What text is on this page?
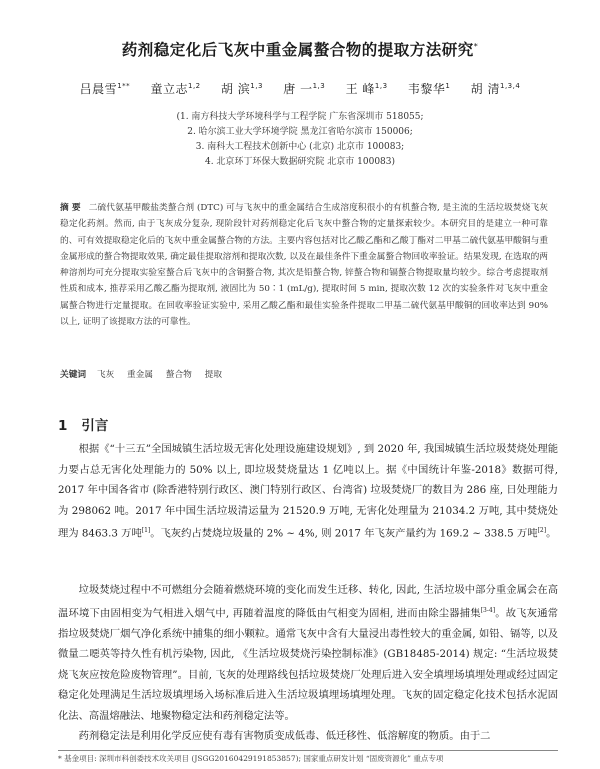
药剂稳定化后飞灰中重金属螯合物的提取方法研究*
吕晨雪$^{1**}$ 童立志$^{1,2}$ 胡 滨$^{1,3}$ 唐 一$^{1,3}$ 王 峰$^{1,3}$ 韦黎华$^1$ 胡 清$^{1,3,4}$
(1. 南方科技大学环境科学与工程学院 广东省深圳市 518055;
2. 哈尔滨工业大学环境学院 黑龙江省哈尔滨市 150006;
3. 南科大工程技术创新中心 (北京) 北京市 100083;
4. 北京环丁环保大数据研究院 北京市 100083)
摘 要 二硫代氨基甲酸盐类螯合剂 (DTC) 可与飞灰中的重金属结合生成溶度积很小的有机螯合物, 是主流的生活垃圾焚烧飞灰稳定化药剂。然而, 由于飞灰成分复杂, 现阶段针对药剂稳定化后飞灰中螯合物的定量探索较少。本研究目的是建立一种可靠的、可有效提取稳定化后的飞灰中重金属螯合物的方法。主要内容包括对比乙酸乙酯和乙酸丁酯对二甲基二硫代氨基甲酸铜与重金属形成的螯合物提取效果, 确定最佳提取溶剂和提取次数, 以及在最佳条件下重金属螯合物回收率验证。结果发现, 在选取的两种溶剂均可充分提取实验室螯合后飞灰中的含铜螯合物, 其次是铅螯合物, 锌螯合物和镉螯合物提取量均较少。综合考虑提取剂性质和成本, 推荐采用乙酸乙酯为提取剂, 液固比为 50∶1 (mL/g), 提取时间 5 min, 提取次数 12 次的实验条件对飞灰中重金属螯合物进行定量提取。在回收率验证实验中, 采用乙酸乙酯和最佳实验条件提取二甲基二硫代氨基甲酸铜的回收率达到 90% 以上, 证明了该提取方法的可靠性。
关键词 飞灰 重金属 螯合物 提取
1 引言

根据《“十三五”全国城镇生活垃圾无害化处理设施建设规划》, 到 2020 年, 我国城镇生活垃圾焚烧处理能力要占总无害化处理能力的 50% 以上, 即垃圾焚烧量达 1 亿吨以上。据《中国统计年鉴-2018》数据可得, 2017 年中国各省市 (除香港特别行政区、澳门特别行政区、台湾省) 垃圾焚烧厂的数目为 286 座, 日处理能力为 298062 吨。2017 年中国生活垃圾清运量为 21520.9 万吨, 无害化处理量为 21034.2 万吨, 其中焚烧处理为 8463.3 万吨[1]。飞灰约占焚烧垃圾量的 2% ~ 4%, 则 2017 年飞灰产量约为 169.2 ~ 338.5 万吨[2]。

垃圾焚烧过程中不可燃组分会随着燃烧环境的变化而发生迁移、转化, 因此, 生活垃圾中部分重金属会在高温环境下由固相变为气相进入烟气中, 再随着温度的降低由气相变为固相, 进而由除尘器捕集[3-4]。故飞灰通常指垃圾焚烧厂烟气净化系统中捕集的细小颗粒。通常飞灰中含有大量浸出毒性较大的重金属, 如铅、镉等, 以及微量二噁英等持久性有机污染物, 因此, 《生活垃圾焚烧污染控制标准》(GB18485-2014) 规定: “生活垃圾焚烧飞灰应按危险废物管理”。目前, 飞灰的处理路线包括垃圾焚烧厂处理后进入安全填埋场填埋处理或经过固定稳定化处理满足生活垃圾填埋场入场标准后进入生活垃圾填埋场填埋处理。飞灰的固定稳定化技术包括水泥固化法、高温熔融法、地聚物稳定法和药剂稳定法等。

药剂稳定法是利用化学反应使有毒有害物质变成低毒、低迁移性、低溶解度的物质。由于二

* 基金项目: 深圳市科创委技术攻关项目 (JSGG20160429191853857); 国家重点研发计划 “固废资源化” 重点专项
